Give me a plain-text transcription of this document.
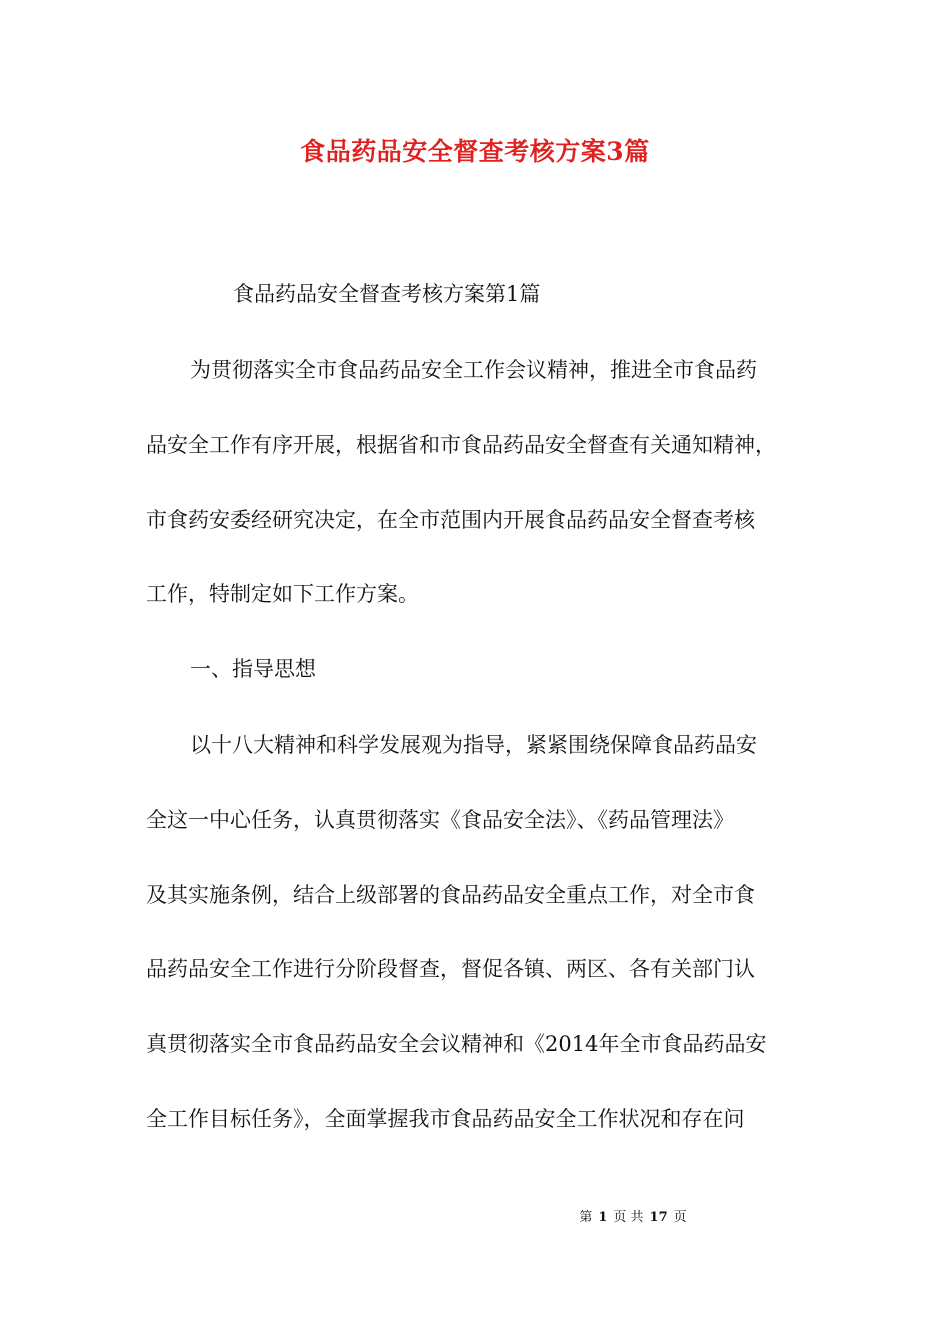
食品药品安全督查考核方案3篇
食品药品安全督查考核方案第1篇
为贯彻落实全市食品药品安全工作会议精神，推进全市食品药
品安全工作有序开展，根据省和市食品药品安全督查有关通知精神，
市食药安委经研究决定，在全市范围内开展食品药品安全督查考核
工作，特制定如下工作方案。
一、指导思想
以十八大精神和科学发展观为指导，紧紧围绕保障食品药品安
全这一中心任务，认真贯彻落实《食品安全法》、《药品管理法》
及其实施条例，结合上级部署的食品药品安全重点工作，对全市食
品药品安全工作进行分阶段督查，督促各镇、两区、各有关部门认
真贯彻落实全市食品药品安全会议精神和《2014年全市食品药品安
全工作目标任务》，全面掌握我市食品药品安全工作状况和存在问
第 1 页 共 17 页
